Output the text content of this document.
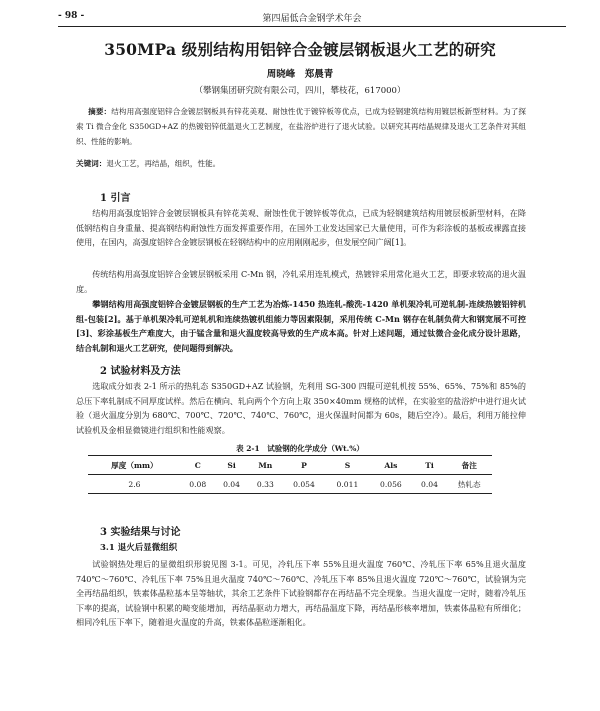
- 98 -	第四届低合金钢学术年会
350MPa 级别结构用铝锌合金镀层钢板退火工艺的研究
周晓峰　郑晨青
（攀钢集团研究院有限公司，四川，攀枝花，617000）
摘要：结构用高强度铝锌合金镀层钢板具有锌花美观、耐蚀性优于镀锌板等优点，已成为轻钢建筑结构用镀层板新型材料。为了探索 Ti 微合金化 S350GD+AZ 的热镀铝锌低温退火工艺制度，在盐浴炉进行了退火试验。以研究其再结晶规律及退火工艺条件对其组织、性能的影响。
关键词：退火工艺，再结晶，组织，性能。
1 引言

结构用高强度铝锌合金镀层钢板具有锌花美观、耐蚀性优于镀锌板等优点，已成为轻钢建筑结构用镀层板新型材料，在降低钢结构自身重量、提高钢结构耐蚀性方面发挥重要作用，在国外工业发达国家已大量使用，可作为彩涂板的基板或裸露直接使用，在国内，高强度铝锌合金镀层钢板在轻钢结构中的应用刚刚起步，但发展空间广阔[1]。

传统结构用高强度铝锌合金镀层钢板采用 C-Mn 钢，冷轧采用连轧模式，热镀锌采用常化退火工艺，即要求较高的退火温度。

攀钢结构用高强度铝锌合金镀层钢板的生产工艺为冶炼-1450 热连轧-酸洗-1420 单机架冷轧可逆轧制-连续热镀铝锌机组-包装[2]。基于单机架冷轧可逆轧机和连续热镀机组能力等因素限制，采用传统 C-Mn 钢存在轧制负荷大和钢宽展不可控[3]、彩涂基板生产难度大，由于锰含量和退火温度较高导致的生产成本高。针对上述问题，通过钛微合金化成分设计思路，结合轧制和退火工艺研究，使问题得到解决。

2 试验材料及方法

选取成分如表 2-1 所示的热轧态 S350GD+AZ 试验钢，先利用 SG-300 四辊可逆轧机按 55%、65%、75%和 85%的总压下率轧制成不同厚度试样。然后在横向、轧向两个个方向上取 350×40mm 规格的试样，在实验室的盐浴炉中进行退火试验（退火温度分别为 680℃、700℃、720℃、740℃、760℃，退火保温时间都为 60s，随后空冷）。最后，利用万能拉伸试验机及金相显微镜进行组织和性能观察。

表 2-1　试验钢的化学成分（Wt.%）
厚度（mm）	C	Si	Mn	P	S	Als	Ti	备注
2.6	0.08	0.04	0.33	0.054	0.011	0.056	0.04	热轧态
3 实验结果与讨论
3.1 退火后显微组织

试验钢热处理后的显微组织形貌见图 3-1。可见，冷轧压下率 55%且退火温度 760℃、冷轧压下率 65%且退火温度 740℃～760℃、冷轧压下率 75%且退火温度 740℃～760℃、冷轧压下率 85%且退火温度 720℃～760℃，试验钢为完全再结晶组织，铁素体晶粒基本呈等轴状，其余工艺条件下试验钢都存在再结晶不完全现象。当退火温度一定时，随着冷轧压下率的提高，试验钢中积累的畸变能增加，再结晶驱动力增大，再结晶温度下降，再结晶形核率增加，铁素体晶粒有所细化；相同冷轧压下率下，随着退火温度的升高，铁素体晶粒逐渐粗化。
